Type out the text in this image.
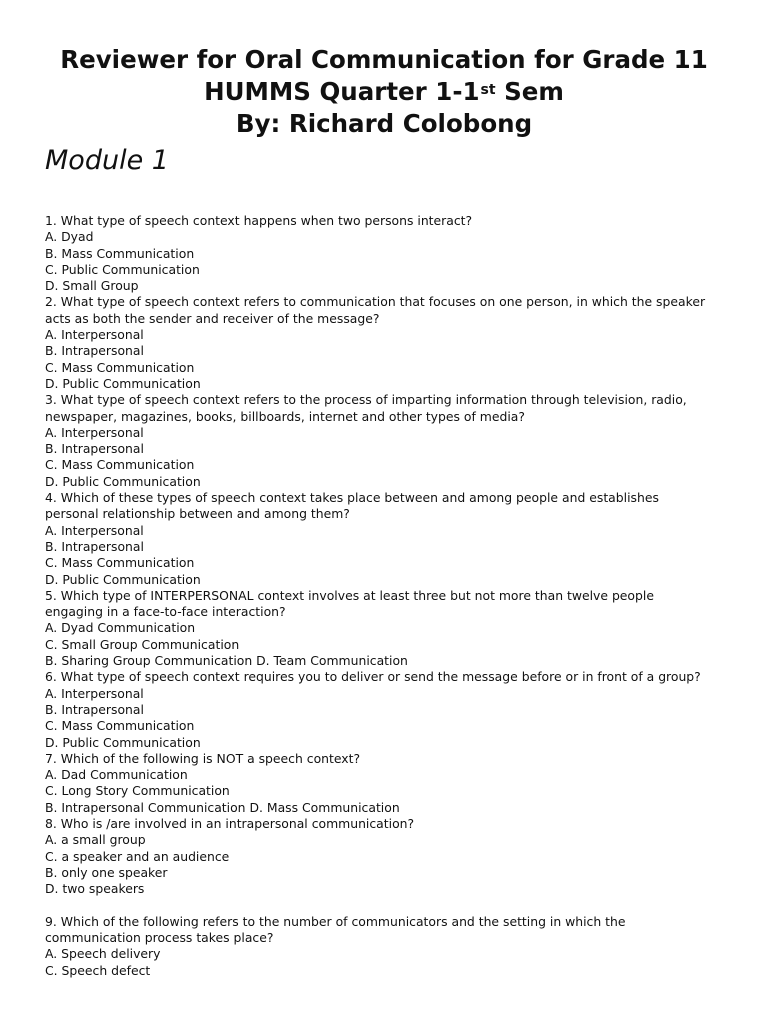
Reviewer for Oral Communication for Grade 11
HUMMS Quarter 1-1st Sem
By: Richard Colobong
Module 1
1. What type of speech context happens when two persons interact?
A. Dyad
B. Mass Communication
C. Public Communication
D. Small Group
2. What type of speech context refers to communication that focuses on one person, in which the speaker
acts as both the sender and receiver of the message?
A. Interpersonal
B. Intrapersonal
C. Mass Communication
D. Public Communication
3. What type of speech context refers to the process of imparting information through television, radio,
newspaper, magazines, books, billboards, internet and other types of media?
A. Interpersonal
B. Intrapersonal
C. Mass Communication
D. Public Communication
4. Which of these types of speech context takes place between and among people and establishes
personal relationship between and among them?
A. Interpersonal
B. Intrapersonal
C. Mass Communication
D. Public Communication
5. Which type of INTERPERSONAL context involves at least three but not more than twelve people
engaging in a face-to-face interaction?
A. Dyad Communication
C. Small Group Communication
B. Sharing Group Communication D. Team Communication
6. What type of speech context requires you to deliver or send the message before or in front of a group?
A. Interpersonal
B. Intrapersonal
C. Mass Communication
D. Public Communication
7. Which of the following is NOT a speech context?
A. Dad Communication
C. Long Story Communication
B. Intrapersonal Communication D. Mass Communication
8. Who is /are involved in an intrapersonal communication?
A. a small group
C. a speaker and an audience
B. only one speaker
D. two speakers
9. Which of the following refers to the number of communicators and the setting in which the
communication process takes place?
A. Speech delivery
C. Speech defect
